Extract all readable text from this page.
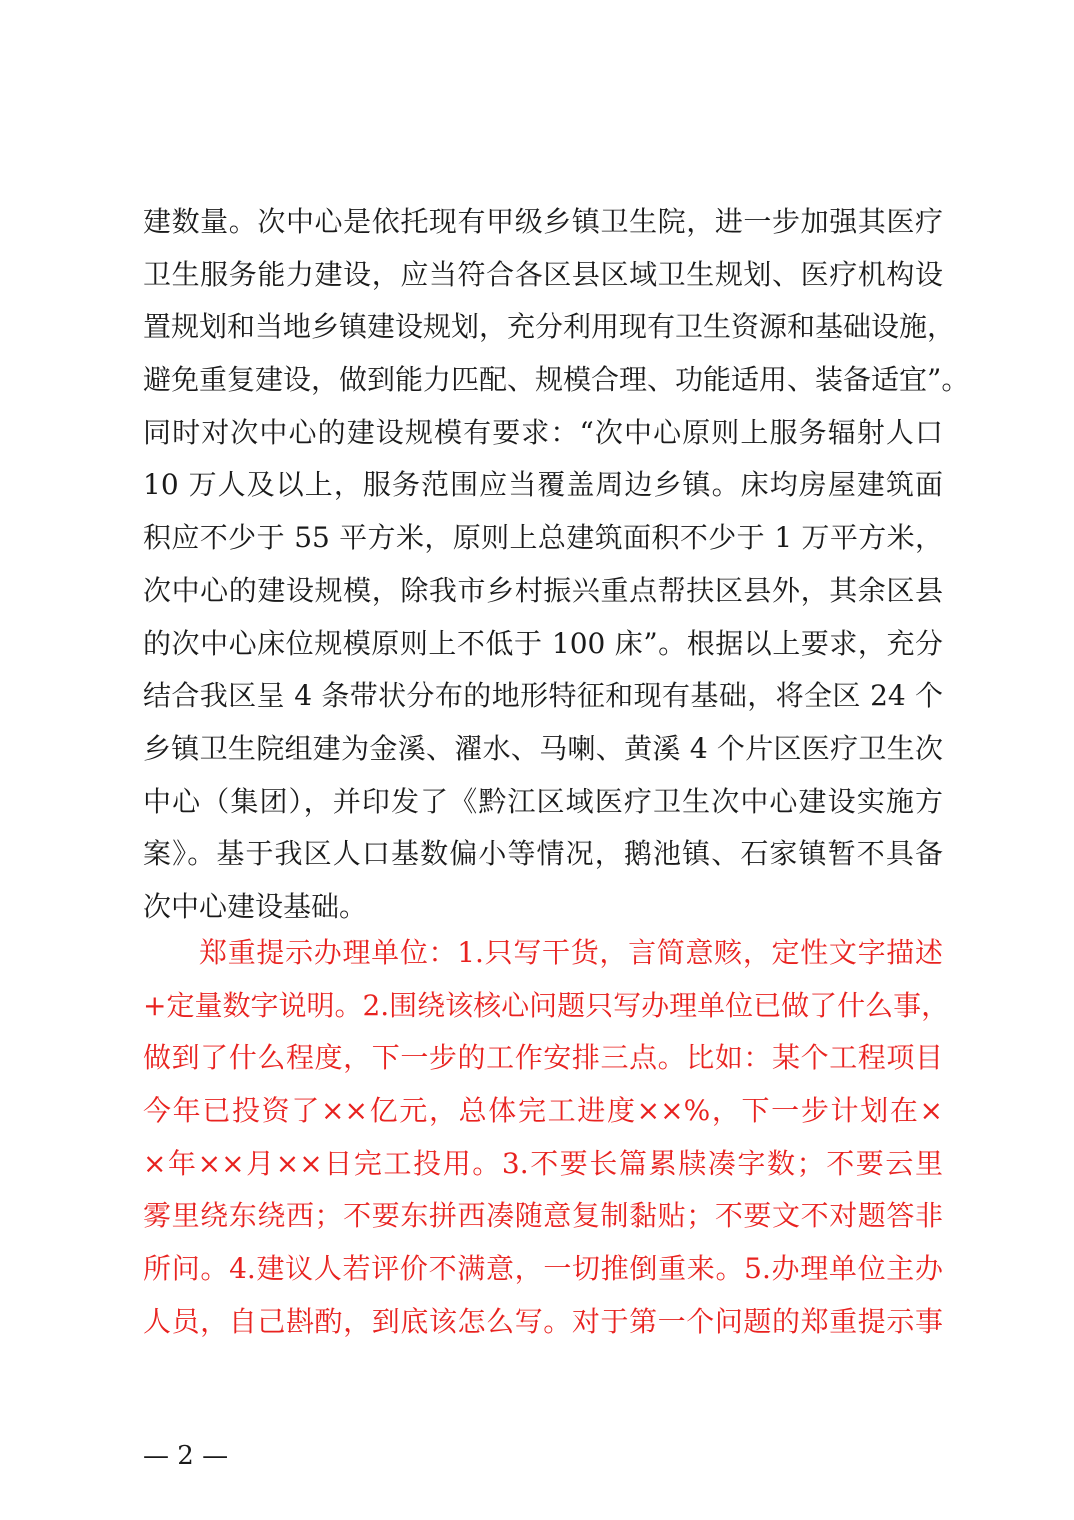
建数量。次中心是依托现有甲级乡镇卫生院，进一步加强其医疗
卫生服务能力建设，应当符合各区县区域卫生规划、医疗机构设
置规划和当地乡镇建设规划，充分利用现有卫生资源和基础设施，
避免重复建设，做到能力匹配、规模合理、功能适用、装备适宜”。
同时对次中心的建设规模有要求：“次中心原则上服务辐射人口
10 万人及以上，服务范围应当覆盖周边乡镇。床均房屋建筑面
积应不少于 55 平方米，原则上总建筑面积不少于 1 万平方米，
次中心的建设规模，除我市乡村振兴重点帮扶区县外，其余区县
的次中心床位规模原则上不低于 100 床”。根据以上要求，充分
结合我区呈 4 条带状分布的地形特征和现有基础，将全区 24 个
乡镇卫生院组建为金溪、濯水、马喇、黄溪 4 个片区医疗卫生次
中心（集团），并印发了《黔江区域医疗卫生次中心建设实施方
案》。基于我区人口基数偏小等情况，鹅池镇、石家镇暂不具备
次中心建设基础。
郑重提示办理单位：1.只写干货，言简意赅，定性文字描述
+定量数字说明。2.围绕该核心问题只写办理单位已做了什么事，
做到了什么程度，下一步的工作安排三点。比如：某个工程项目
今年已投资了××亿元，总体完工进度××%，下一步计划在×
×年××月××日完工投用。3.不要长篇累牍凑字数；不要云里
雾里绕东绕西；不要东拼西凑随意复制黏贴；不要文不对题答非
所问。4.建议人若评价不满意，一切推倒重来。5.办理单位主办
人员，自己斟酌，到底该怎么写。对于第一个问题的郑重提示事
— 2 —
